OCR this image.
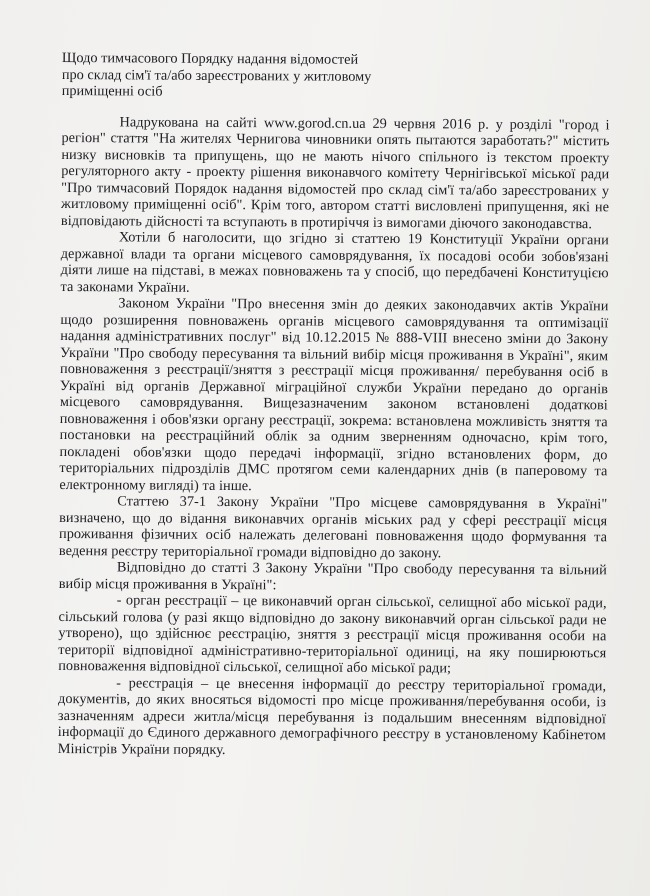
Щодо тимчасового Порядку надання відомостей
про склад сім'ї та/або зареєстрованих у житловому
приміщенні осіб

Надрукована на сайті www.gorod.cn.ua 29 червня 2016 р. у розділі "город і регіон" стаття "На жителях Чернигова чиновники опять пытаются заработать?" містить низку висновків та припущень, що не мають нічого спільного із текстом проекту регуляторного акту - проекту рішення виконавчого комітету Чернігівської міської ради "Про тимчасовий Порядок надання відомостей про склад сім'ї та/або зареєстрованих у житловому приміщенні осіб". Крім того, автором статті висловлені припущення, які не відповідають дійсності та вступають в протиріччя із вимогами діючого законодавства.

Хотіли б наголосити, що згідно зі статтею 19 Конституції України органи державної влади та органи місцевого самоврядування, їх посадові особи зобов'язані діяти лише на підставі, в межах повноважень та у спосіб, що передбачені Конституцією та законами України.

Законом України "Про внесення змін до деяких законодавчих актів України щодо розширення повноважень органів місцевого самоврядування та оптимізації надання адміністративних послуг" від 10.12.2015 № 888-VIII внесено зміни до Закону України "Про свободу пересування та вільний вибір місця проживання в Україні", яким повноваження з реєстрації/зняття з реєстрації місця проживання/ перебування осіб в Україні від органів Державної міграційної служби України передано до органів місцевого самоврядування. Вищезазначеним законом встановлені додаткові повноваження і обов'язки органу реєстрації, зокрема: встановлена можливість зняття та постановки на реєстраційний облік за одним зверненням одночасно, крім того, покладені обов'язки щодо передачі інформації, згідно встановлених форм, до територіальних підрозділів ДМС протягом семи календарних днів (в паперовому та електронному вигляді) та інше.

Статтею 37-1 Закону України "Про місцеве самоврядування в Україні" визначено, що до відання виконавчих органів міських рад у сфері реєстрації місця проживання фізичних осіб належать делеговані повноваження щодо формування та ведення реєстру територіальної громади відповідно до закону.

Відповідно до статті 3 Закону України "Про свободу пересування та вільний вибір місця проживання в Україні":

- орган реєстрації – це виконавчий орган сільської, селищної або міської ради, сільський голова (у разі якщо відповідно до закону виконавчий орган сільської ради не утворено), що здійснює реєстрацію, зняття з реєстрації місця проживання особи на території відповідної адміністративно-територіальної одиниці, на яку поширюються повноваження відповідної сільської, селищної або міської ради;

- реєстрація – це внесення інформації до реєстру територіальної громади, документів, до яких вносяться відомості про місце проживання/перебування особи, із зазначенням адреси житла/місця перебування із подальшим внесенням відповідної інформації до Єдиного державного демографічного реєстру в установленому Кабінетом Міністрів України порядку.
